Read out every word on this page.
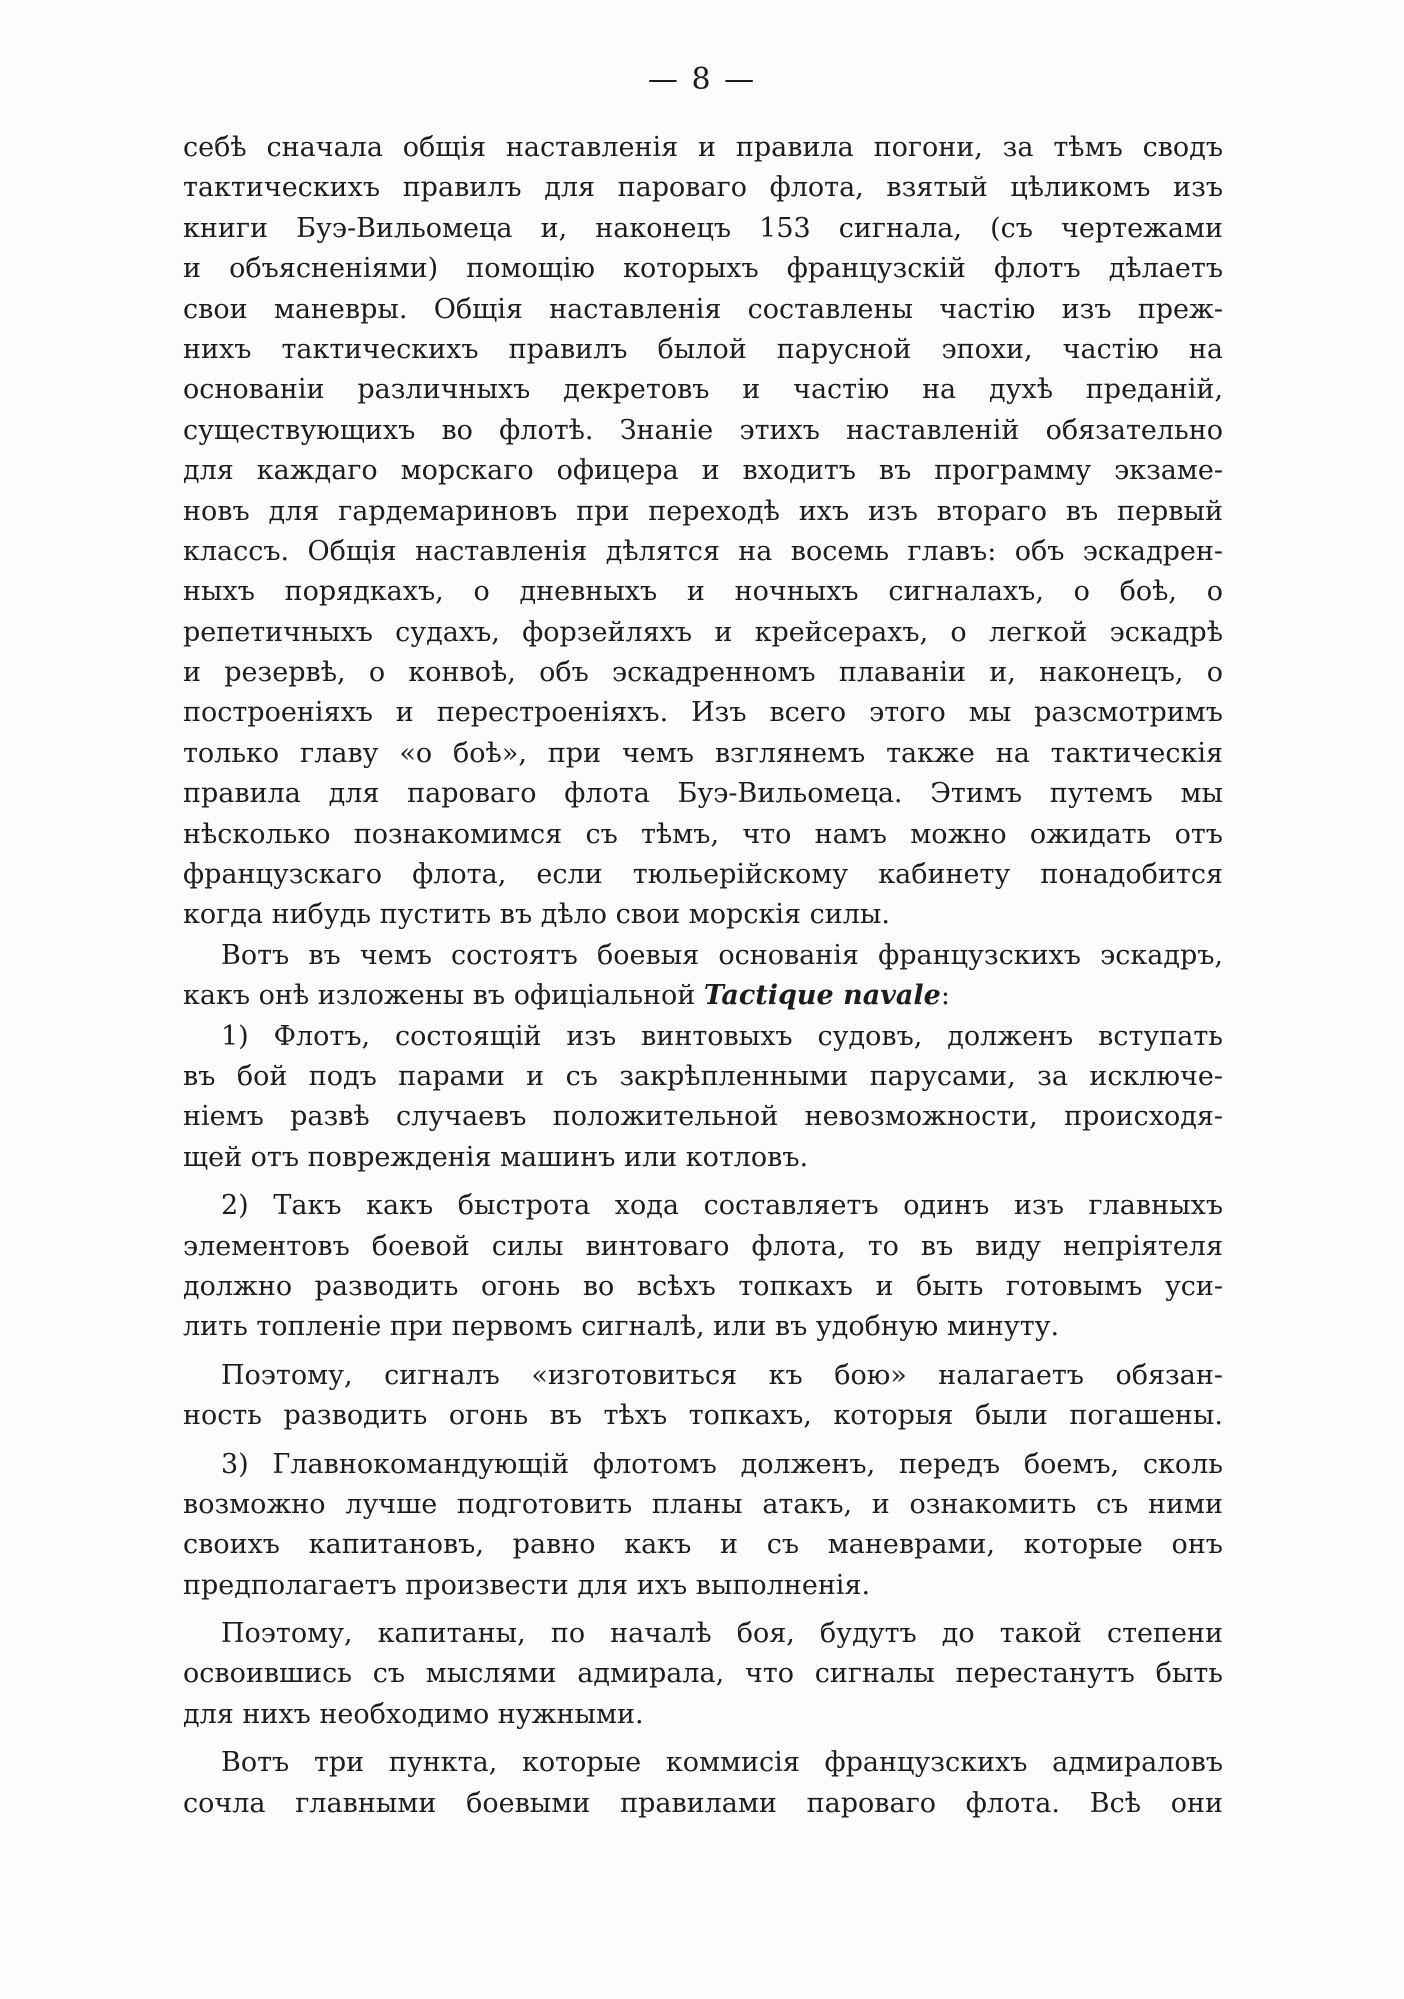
— 8 —
себѣ сначала общія наставленія и правила погони, за тѣмъ сводъ
тактическихъ правилъ для пароваго флота, взятый цѣликомъ изъ
книги Буэ-Вильомеца и, наконецъ 153 сигнала, (съ чертежами
и объясненіями) помощію которыхъ французскій флотъ дѣлаетъ
свои маневры. Общія наставленія составлены частію изъ преж-
нихъ тактическихъ правилъ былой парусной эпохи, частію на
основаніи различныхъ декретовъ и частію на духѣ преданій,
существующихъ во флотѣ. Знаніе этихъ наставленій обязательно
для каждаго морскаго офицера и входитъ въ программу экзаме-
новъ для гардемариновъ при переходѣ ихъ изъ втораго въ первый
классъ. Общія наставленія дѣлятся на восемь главъ: объ эскадрен-
ныхъ порядкахъ, о дневныхъ и ночныхъ сигналахъ, о боѣ, о
репетичныхъ судахъ, форзейляхъ и крейсерахъ, о легкой эскадрѣ
и резервѣ, о конвоѣ, объ эскадренномъ плаваніи и, наконецъ, о
построеніяхъ и перестроеніяхъ. Изъ всего этого мы разсмотримъ
только главу «о боѣ», при чемъ взглянемъ также на тактическія
правила для пароваго флота Буэ-Вильомеца. Этимъ путемъ мы
нѣсколько познакомимся съ тѣмъ, что намъ можно ожидать отъ
французскаго флота, если тюльерійскому кабинету понадобится
когда нибудь пустить въ дѣло свои морскія силы.
Вотъ въ чемъ состоятъ боевыя основанія французскихъ эскадръ,
какъ онѣ изложены въ офиціальной Tactique navale:
1) Флотъ, состоящій изъ винтовыхъ судовъ, долженъ вступать
въ бой подъ парами и съ закрѣпленными парусами, за исключе-
ніемъ развѣ случаевъ положительной невозможности, происходя-
щей отъ поврежденія машинъ или котловъ.
2) Такъ какъ быстрота хода составляетъ одинъ изъ главныхъ
элементовъ боевой силы винтоваго флота, то въ виду непріятеля
должно разводить огонь во всѣхъ топкахъ и быть готовымъ уси-
лить топленіе при первомъ сигналѣ, или въ удобную минуту.
Поэтому, сигналъ «изготовиться къ бою» налагаетъ обязан-
ность разводить огонь въ тѣхъ топкахъ, которыя были погашены.
3) Главнокомандующій флотомъ долженъ, передъ боемъ, сколь
возможно лучше подготовить планы атакъ, и ознакомить съ ними
своихъ капитановъ, равно какъ и съ маневрами, которые онъ
предполагаетъ произвести для ихъ выполненія.
Поэтому, капитаны, по началѣ боя, будутъ до такой степени
освоившись съ мыслями адмирала, что сигналы перестанутъ быть
для нихъ необходимо нужными.
Вотъ три пункта, которые коммисія французскихъ адмираловъ
сочла главными боевыми правилами пароваго флота. Всѣ они
